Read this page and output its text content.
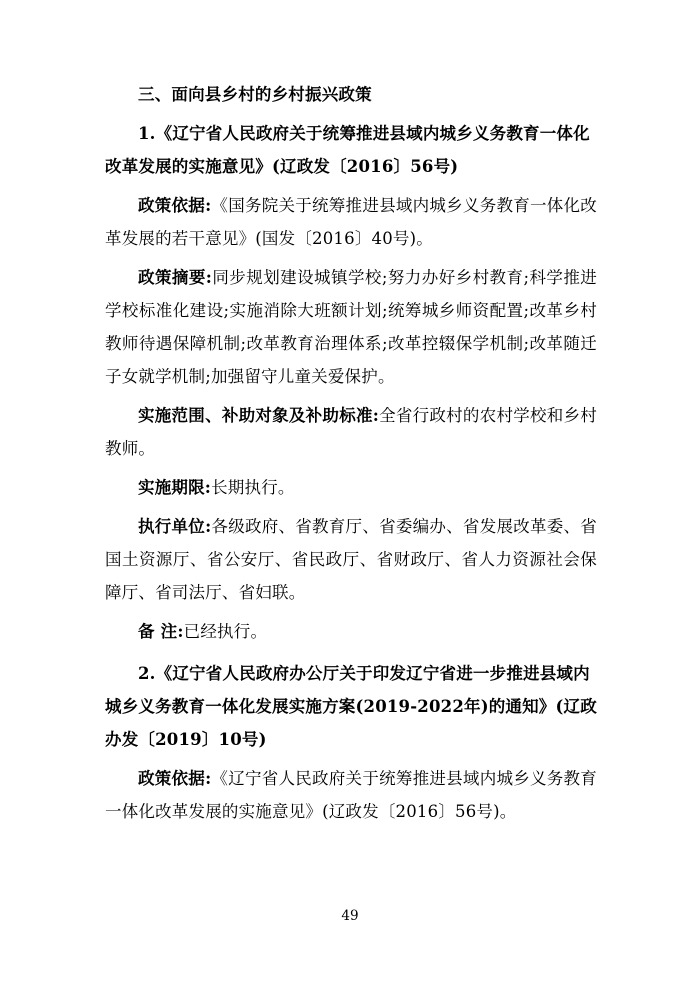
三、面向县乡村的乡村振兴政策

1.《辽宁省人民政府关于统筹推进县域内城乡义务教育一体化改革发展的实施意见》(辽政发〔2016〕56号)

政策依据:《国务院关于统筹推进县域内城乡义务教育一体化改革发展的若干意见》(国发〔2016〕40号)。

政策摘要:同步规划建设城镇学校;努力办好乡村教育;科学推进学校标准化建设;实施消除大班额计划;统筹城乡师资配置;改革乡村教师待遇保障机制;改革教育治理体系;改革控辍保学机制;改革随迁子女就学机制;加强留守儿童关爱保护。

实施范围、补助对象及补助标准:全省行政村的农村学校和乡村教师。

实施期限:长期执行。

执行单位:各级政府、省教育厅、省委编办、省发展改革委、省国土资源厅、省公安厅、省民政厅、省财政厅、省人力资源社会保障厅、省司法厅、省妇联。

备 注:已经执行。

2.《辽宁省人民政府办公厅关于印发辽宁省进一步推进县域内城乡义务教育一体化发展实施方案(2019-2022年)的通知》(辽政办发〔2019〕10号)

政策依据:《辽宁省人民政府关于统筹推进县域内城乡义务教育一体化改革发展的实施意见》(辽政发〔2016〕56号)。

49
